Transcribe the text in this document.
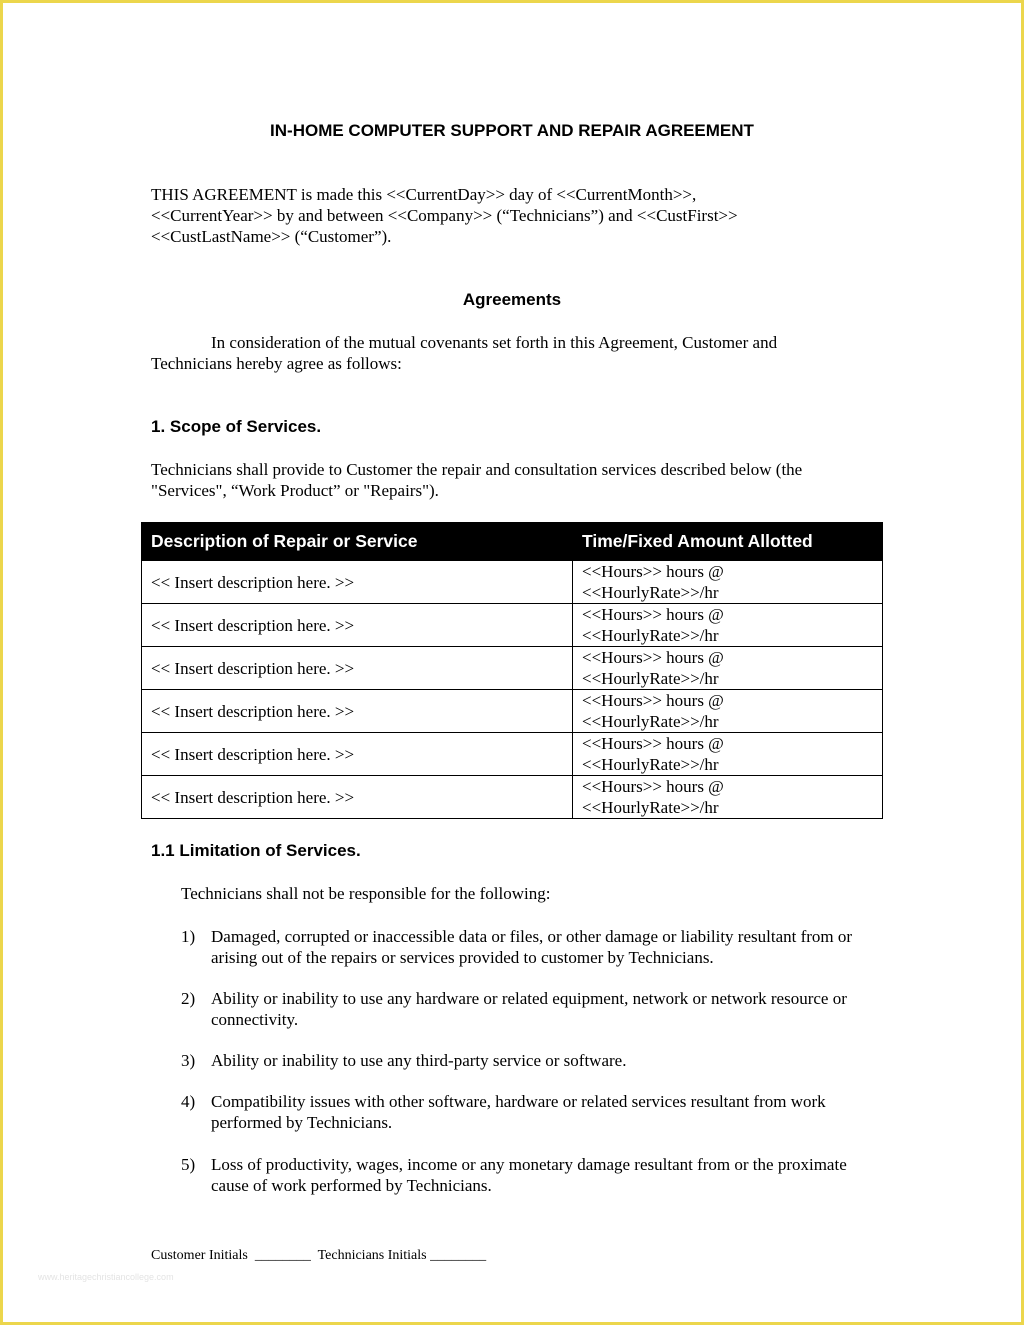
IN-HOME COMPUTER SUPPORT AND REPAIR AGREEMENT
THIS AGREEMENT is made this <<CurrentDay>> day of <<CurrentMonth>>,
<<CurrentYear>> by and between <<Company>> (“Technicians”) and <<CustFirst>>
<<CustLastName>> (“Customer”).
Agreements

In consideration of the mutual covenants set forth in this Agreement, Customer and Technicians hereby agree as follows:

1. Scope of Services.

Technicians shall provide to Customer the repair and consultation services described below (the "Services", “Work Product” or "Repairs").

Description of Repair or Service	Time/Fixed Amount Allotted
<< Insert description here. >>	<<Hours>> hours @
<<HourlyRate>>/hr

<< Insert description here. >>	<<Hours>> hours @
<<HourlyRate>>/hr

<< Insert description here. >>	<<Hours>> hours @
<<HourlyRate>>/hr

<< Insert description here. >>	<<Hours>> hours @
<<HourlyRate>>/hr

<< Insert description here. >>	<<Hours>> hours @
<<HourlyRate>>/hr

<< Insert description here. >>	<<Hours>> hours @
<<HourlyRate>>/hr
1.1 Limitation of Services.

Technicians shall not be responsible for the following:

1) Damaged, corrupted or inaccessible data or files, or other damage or liability resultant from or arising out of the repairs or services provided to customer by Technicians.
2) Ability or inability to use any hardware or related equipment, network or network resource or connectivity.
3) Ability or inability to use any third-party service or software.
4) Compatibility issues with other software, hardware or related services resultant from work performed by Technicians.
5) Loss of productivity, wages, income or any monetary damage resultant from or the proximate cause of work performed by Technicians.
Customer Initials  ________  Technicians Initials ________
www.heritagechristiancollege.com
